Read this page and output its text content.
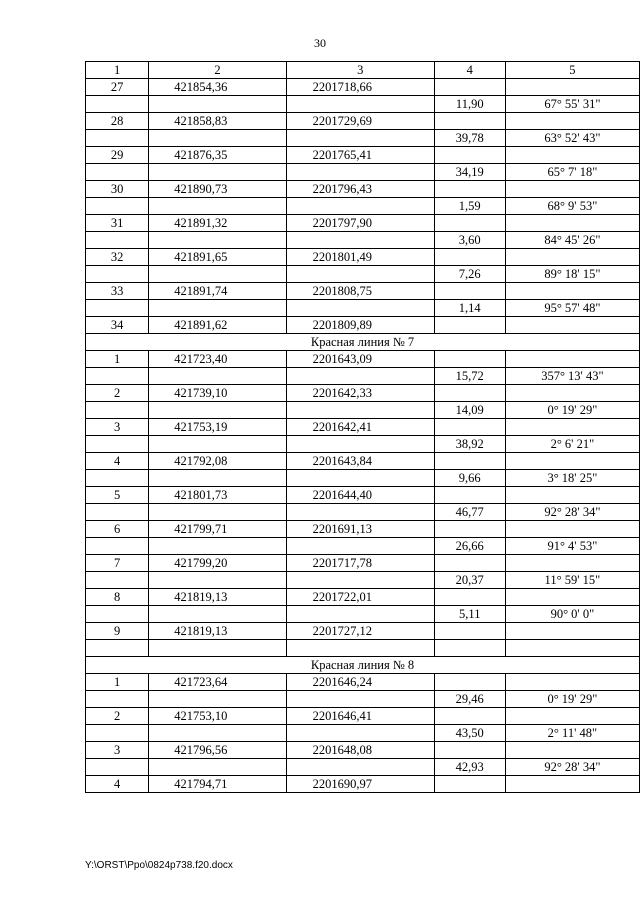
30
1	2	3	4	5
27	421854,36	2201718,66		
			11,90	67° 55' 31"
28	421858,83	2201729,69		
			39,78	63° 52' 43"
29	421876,35	2201765,41		
			34,19	65° 7' 18"
30	421890,73	2201796,43		
			1,59	68° 9' 53"
31	421891,32	2201797,90		
			3,60	84° 45' 26"
32	421891,65	2201801,49		
			7,26	89° 18' 15"
33	421891,74	2201808,75		
			1,14	95° 57' 48"
34	421891,62	2201809,89		
Красная линия № 7				
1	421723,40	2201643,09		
			15,72	357° 13' 43"
2	421739,10	2201642,33		
			14,09	0° 19' 29"
3	421753,19	2201642,41		
			38,92	2° 6' 21"
4	421792,08	2201643,84		
			9,66	3° 18' 25"
5	421801,73	2201644,40		
			46,77	92° 28' 34"
6	421799,71	2201691,13		
			26,66	91° 4' 53"
7	421799,20	2201717,78		
			20,37	11° 59' 15"
8	421819,13	2201722,01		
			5,11	90° 0' 0"
9	421819,13	2201727,12		

Красная линия № 8				
1	421723,64	2201646,24		
			29,46	0° 19' 29"
2	421753,10	2201646,41		
			43,50	2° 11' 48"
3	421796,56	2201648,08		
			42,93	92° 28' 34"
4	421794,71	2201690,97		
Y:\ORST\Ppo\0824p738.f20.docx
